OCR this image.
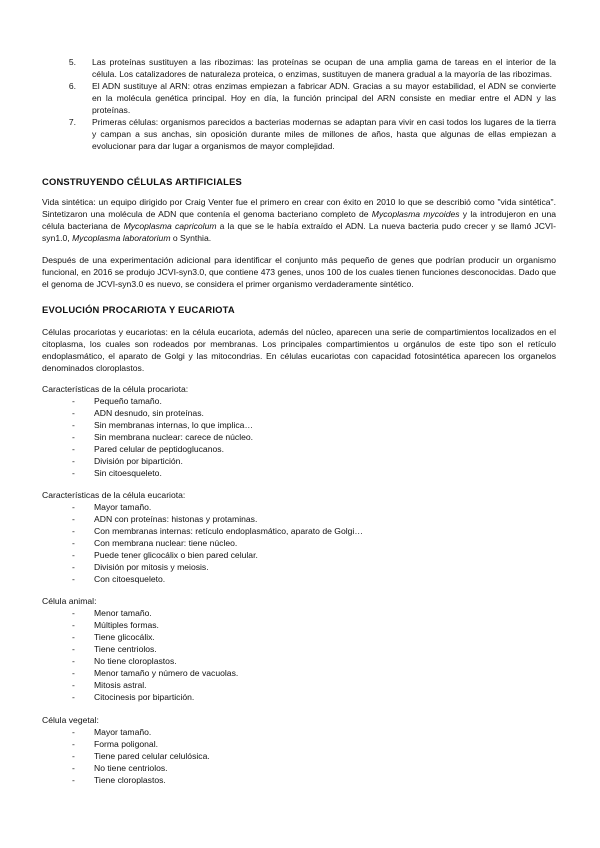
5.	Las proteínas sustituyen a las ribozimas: las proteínas se ocupan de una amplia gama de tareas en el interior de la célula. Los catalizadores de naturaleza proteica, o enzimas, sustituyen de manera gradual a la mayoría de las ribozimas.
6.	El ADN sustituye al ARN: otras enzimas empiezan a fabricar ADN. Gracias a su mayor estabilidad, el ADN se convierte en la molécula genética principal. Hoy en día, la función principal del ARN consiste en mediar entre el ADN y las proteínas.
7.	Primeras células: organismos parecidos a bacterias modernas se adaptan para vivir en casi todos los lugares de la tierra y campan a sus anchas, sin oposición durante miles de millones de años, hasta que algunas de ellas empiezan a evolucionar para dar lugar a organismos de mayor complejidad.
CONSTRUYENDO CÉLULAS ARTIFICIALES

Vida sintética: un equipo dirigido por Craig Venter fue el primero en crear con éxito en 2010 lo que se describió como "vida sintética". Sintetizaron una molécula de ADN que contenía el genoma bacteriano completo de Mycoplasma mycoides y la introdujeron en una célula bacteriana de Mycoplasma capricolum a la que se le había extraído el ADN. La nueva bacteria pudo crecer y se llamó JCVI-syn1.0, Mycoplasma laboratorium o Synthia.

Después de una experimentación adicional para identificar el conjunto más pequeño de genes que podrían producir un organismo funcional, en 2016 se produjo JCVI-syn3.0, que contiene 473 genes, unos 100 de los cuales tienen funciones desconocidas. Dado que el genoma de JCVI-syn3.0 es nuevo, se considera el primer organismo verdaderamente sintético.

EVOLUCIÓN PROCARIOTA Y EUCARIOTA

Células procariotas y eucariotas: en la célula eucariota, además del núcleo, aparecen una serie de compartimientos localizados en el citoplasma, los cuales son rodeados por membranas. Los principales compartimientos u orgánulos de este tipo son el retículo endoplasmático, el aparato de Golgi y las mitocondrias. En células eucariotas con capacidad fotosintética aparecen los organelos denominados cloroplastos.

Características de la célula procariota:

-	Pequeño tamaño.
-	ADN desnudo, sin proteínas.
-	Sin membranas internas, lo que implica…
-	Sin membrana nuclear: carece de núcleo.
-	Pared celular de peptidoglucanos.
-	División por bipartición.
-	Sin citoesqueleto.

Características de la célula eucariota:

-	Mayor tamaño.
-	ADN con proteínas: histonas y protaminas.
-	Con membranas internas: retículo endoplasmático, aparato de Golgi…
-	Con membrana nuclear: tiene núcleo.
-	Puede tener glicocálix o bien pared celular.
-	División por mitosis y meiosis.
-	Con citoesqueleto.

Célula animal:

-	Menor tamaño.
-	Múltiples formas.
-	Tiene glicocálix.
-	Tiene centriolos.
-	No tiene cloroplastos.
-	Menor tamaño y número de vacuolas.
-	Mitosis astral.
-	Citocinesis por bipartición.

Célula vegetal:

-	Mayor tamaño.
-	Forma poligonal.
-	Tiene pared celular celulósica.
-	No tiene centriolos.
-	Tiene cloroplastos.
